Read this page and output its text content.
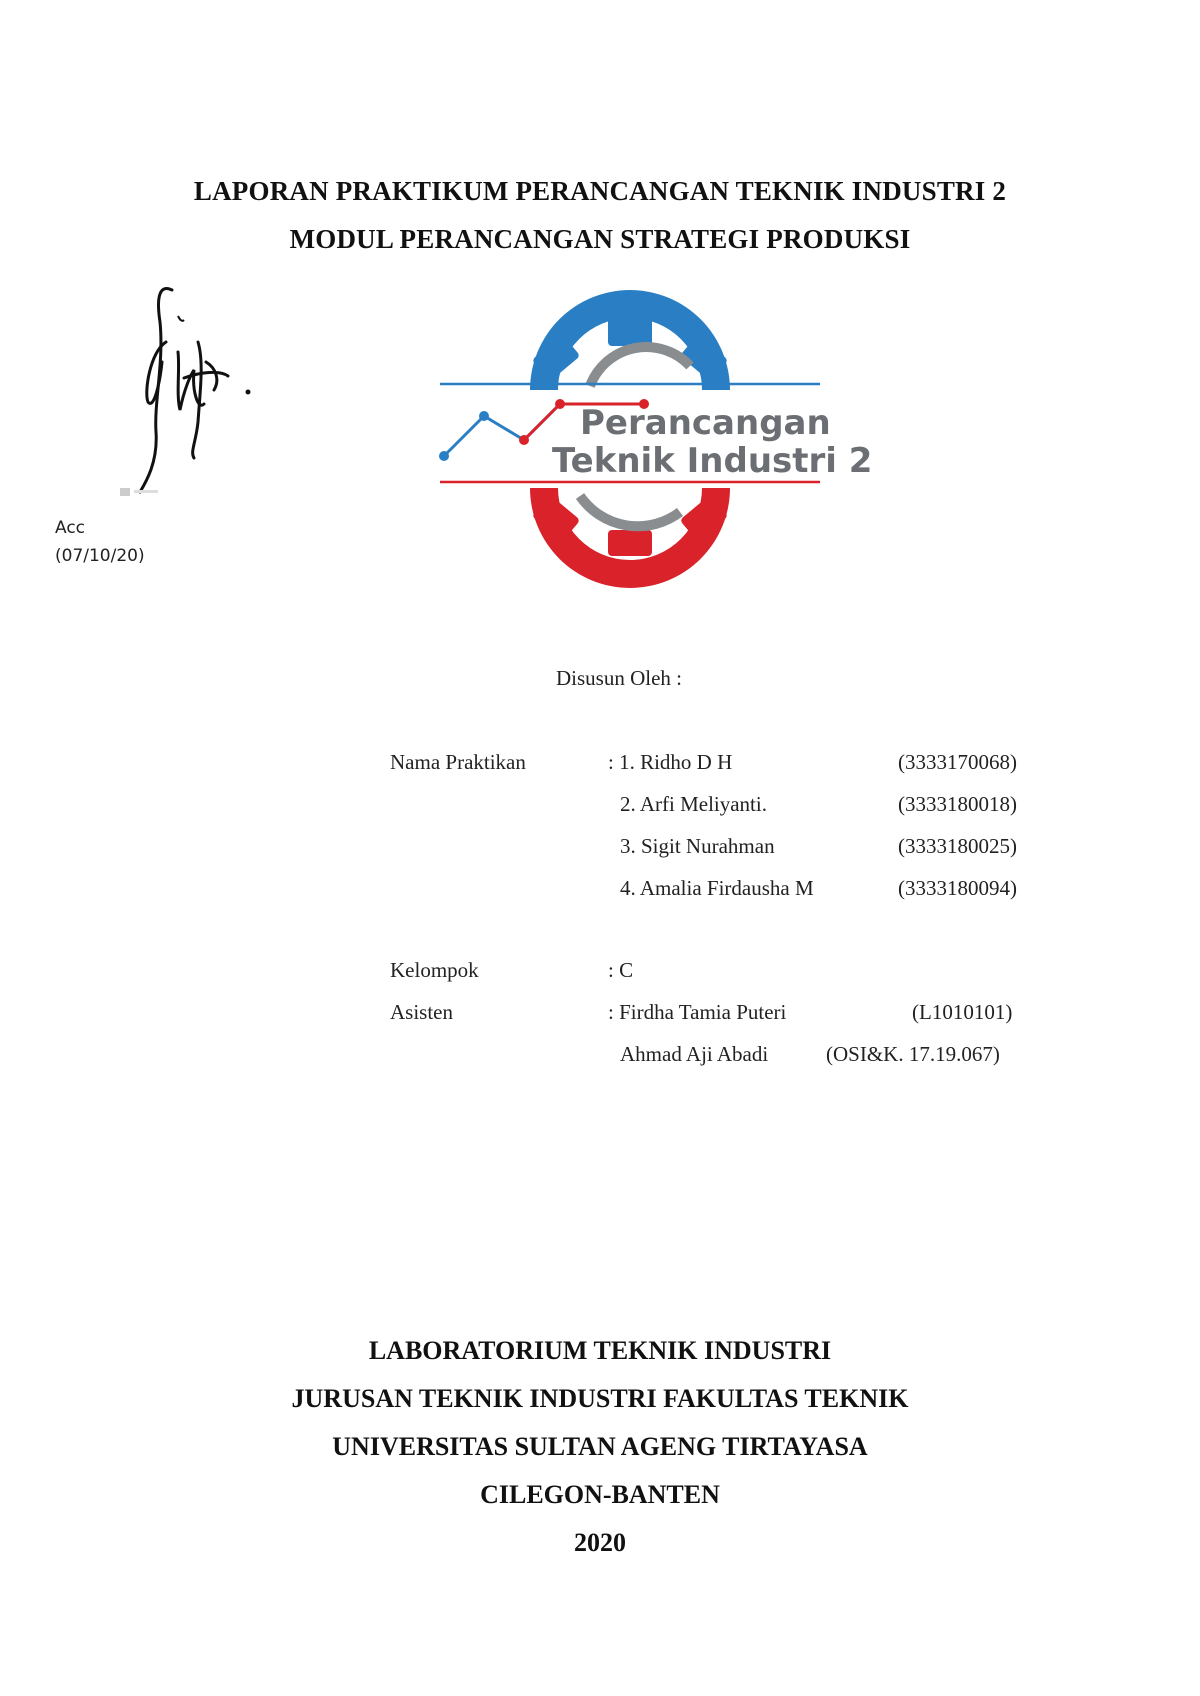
LAPORAN PRAKTIKUM PERANCANGAN TEKNIK INDUSTRI 2
MODUL PERANCANGAN STRATEGI PRODUKSI
Acc
(07/10/20)
Perancangan
Teknik Industri 2
Disusun Oleh :
Nama Praktikan	: 1. Ridho D H	(3333170068)
2. Arfi Meliyanti.	(3333180018)
3. Sigit Nurahman	(3333180025)
4. Amalia Firdausha M	(3333180094)
Kelompok	: C
Asisten	: Firdha Tamia Puteri	(L1010101)
Ahmad Aji Abadi	(OSI&K. 17.19.067)
LABORATORIUM TEKNIK INDUSTRI
JURUSAN TEKNIK INDUSTRI FAKULTAS TEKNIK
UNIVERSITAS SULTAN AGENG TIRTAYASA
CILEGON-BANTEN
2020
